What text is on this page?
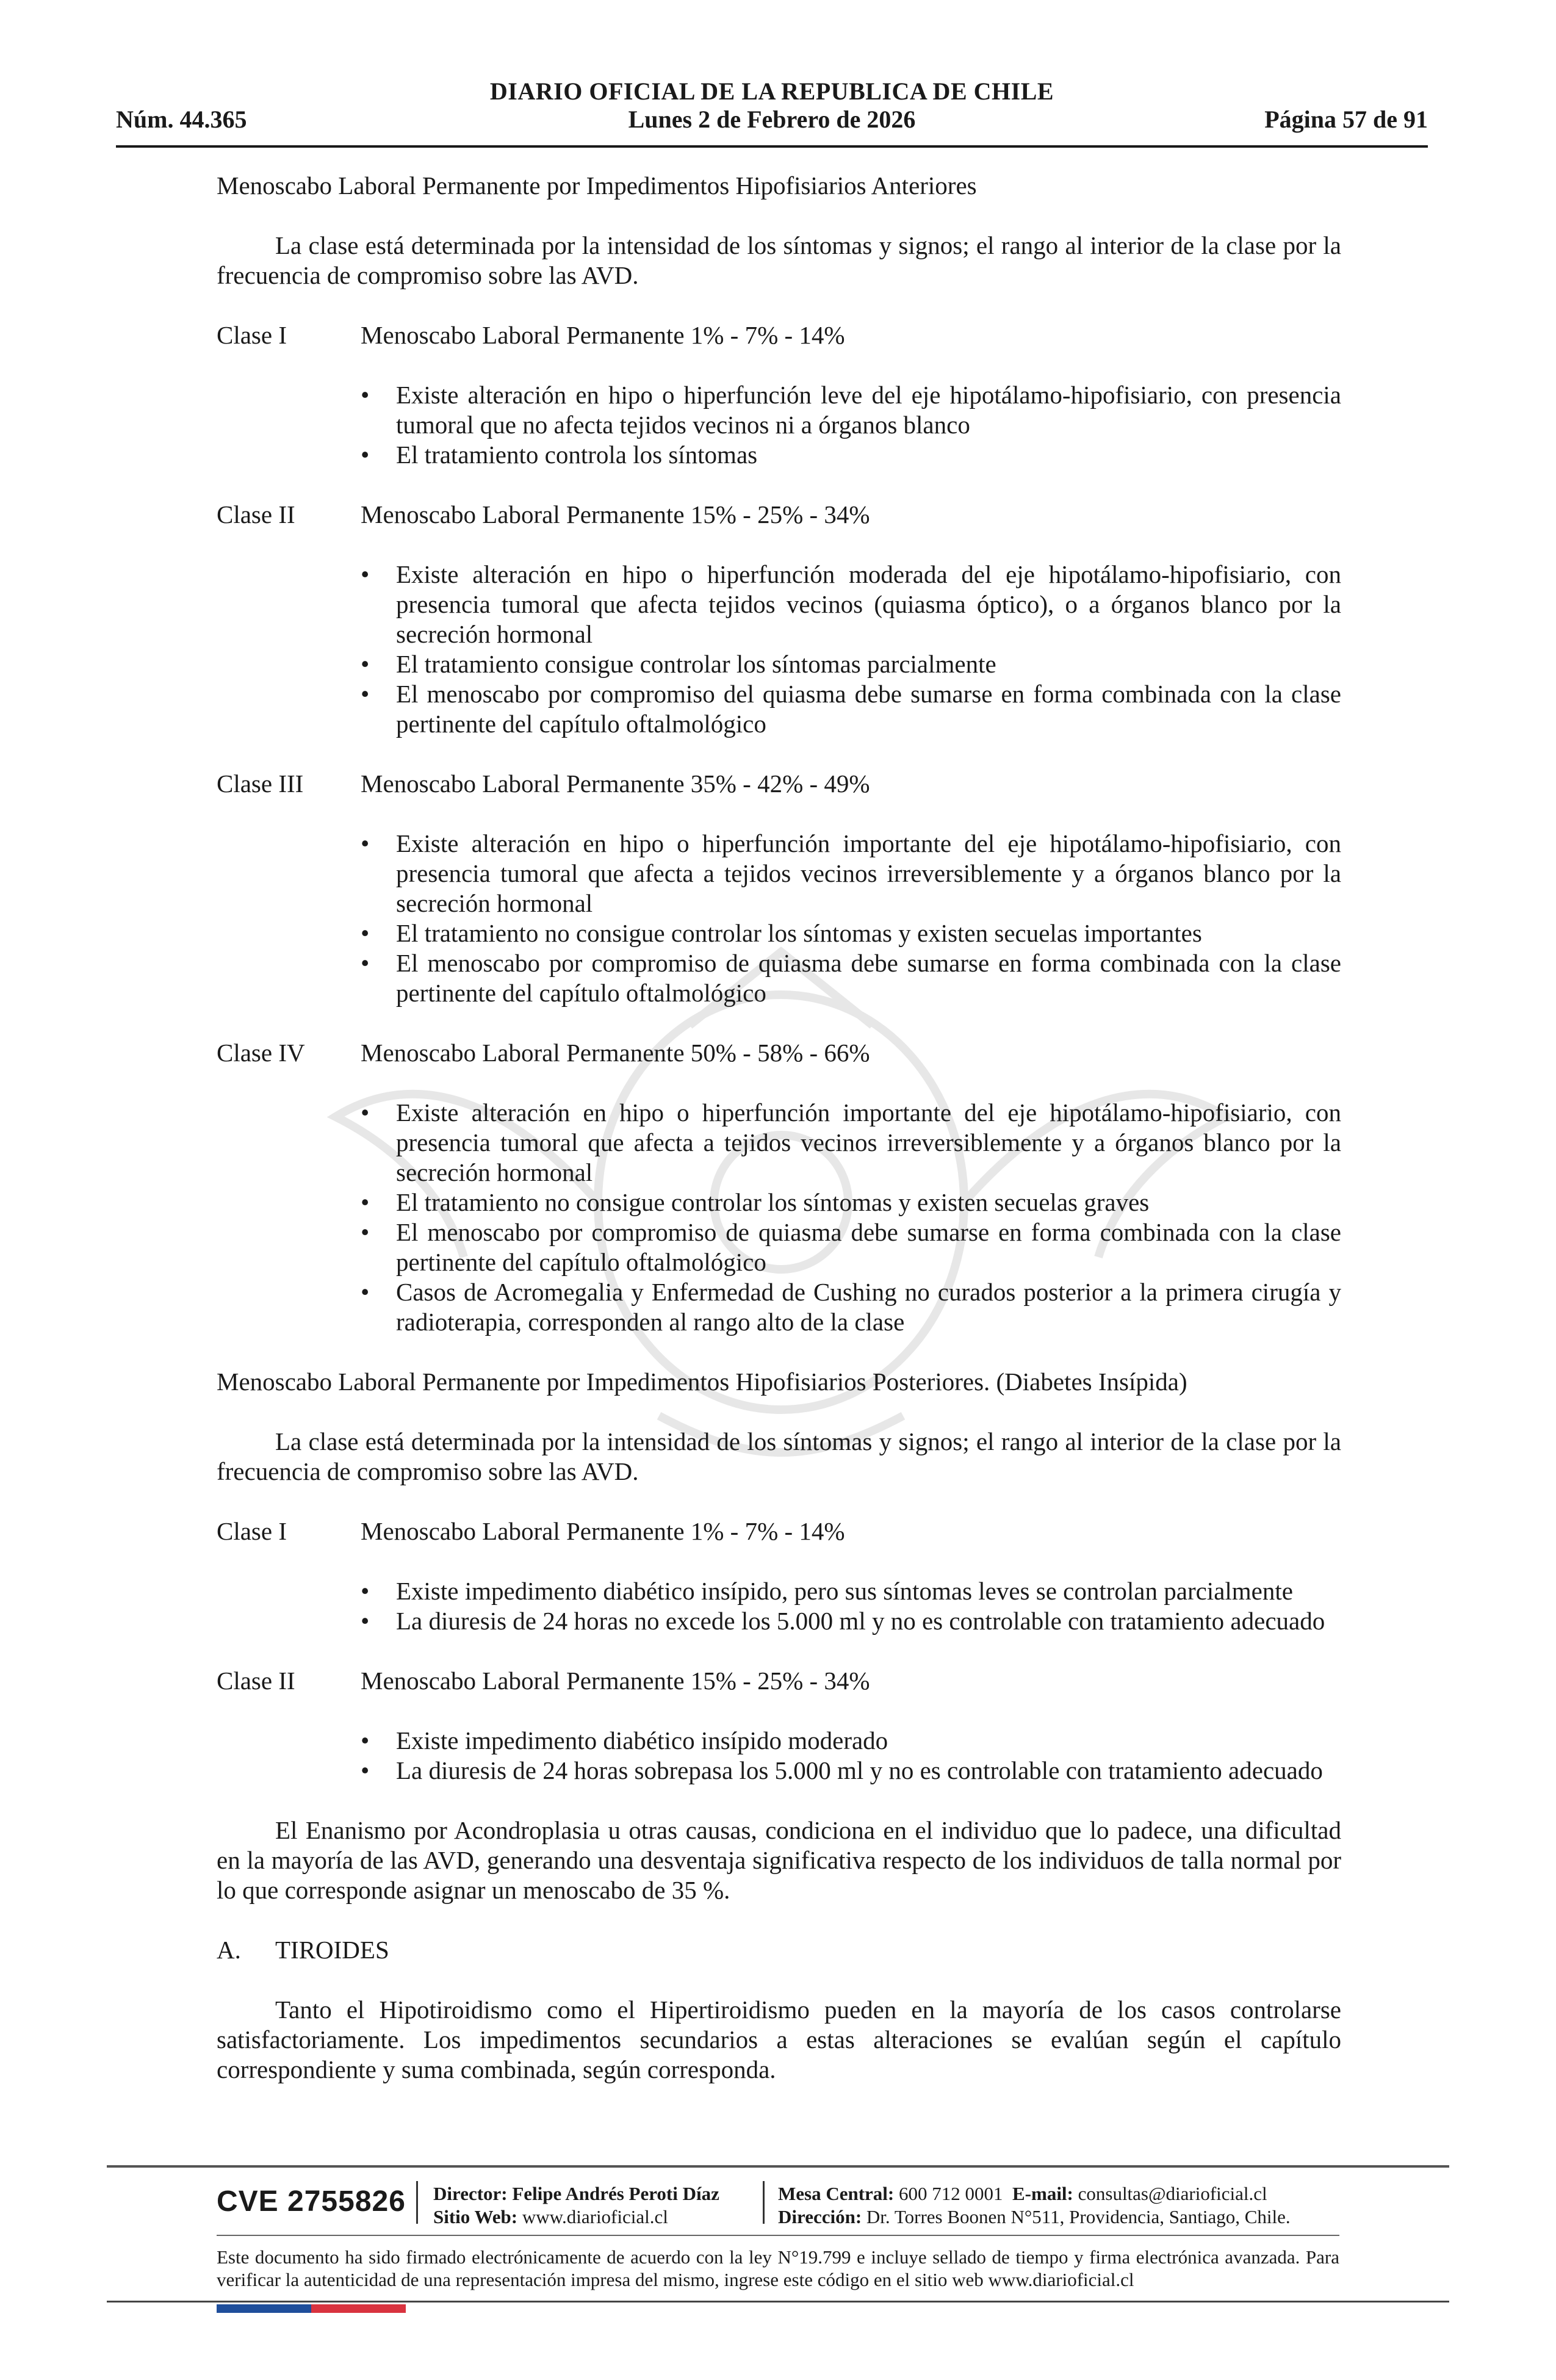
DIARIO OFICIAL DE LA REPUBLICA DE CHILE
Núm. 44.365	Lunes 2 de Febrero de 2026	Página 57 de 91

Menoscabo Laboral Permanente por Impedimentos Hipofisiarios Anteriores

La clase está determinada por la intensidad de los síntomas y signos; el rango al interior de la clase por la frecuencia de compromiso sobre las AVD.

Clase I	Menoscabo Laboral Permanente 1% - 7% - 14%
• Existe alteración en hipo o hiperfunción leve del eje hipotálamo-hipofisiario, con presencia tumoral que no afecta tejidos vecinos ni a órganos blanco
• El tratamiento controla los síntomas
Clase II	Menoscabo Laboral Permanente 15% - 25% - 34%
• Existe alteración en hipo o hiperfunción moderada del eje hipotálamo-hipofisiario, con presencia tumoral que afecta tejidos vecinos (quiasma óptico), o a órganos blanco por la secreción hormonal
• El tratamiento consigue controlar los síntomas parcialmente
• El menoscabo por compromiso del quiasma debe sumarse en forma combinada con la clase pertinente del capítulo oftalmológico
Clase III	Menoscabo Laboral Permanente 35% - 42% - 49%
• Existe alteración en hipo o hiperfunción importante del eje hipotálamo-hipofisiario, con presencia tumoral que afecta a tejidos vecinos irreversiblemente y a órganos blanco por la secreción hormonal
• El tratamiento no consigue controlar los síntomas y existen secuelas importantes
• El menoscabo por compromiso de quiasma debe sumarse en forma combinada con la clase pertinente del capítulo oftalmológico
Clase IV	Menoscabo Laboral Permanente 50% - 58% - 66%
• Existe alteración en hipo o hiperfunción importante del eje hipotálamo-hipofisiario, con presencia tumoral que afecta a tejidos vecinos irreversiblemente y a órganos blanco por la secreción hormonal
• El tratamiento no consigue controlar los síntomas y existen secuelas graves
• El menoscabo por compromiso de quiasma debe sumarse en forma combinada con la clase pertinente del capítulo oftalmológico
• Casos de Acromegalia y Enfermedad de Cushing no curados posterior a la primera cirugía y radioterapia, corresponden al rango alto de la clase

Menoscabo Laboral Permanente por Impedimentos Hipofisiarios Posteriores. (Diabetes Insípida)

La clase está determinada por la intensidad de los síntomas y signos; el rango al interior de la clase por la frecuencia de compromiso sobre las AVD.

Clase I	Menoscabo Laboral Permanente 1% - 7% - 14%
• Existe impedimento diabético insípido, pero sus síntomas leves se controlan parcialmente
• La diuresis de 24 horas no excede los 5.000 ml y no es controlable con tratamiento adecuado
Clase II	Menoscabo Laboral Permanente 15% - 25% - 34%
• Existe impedimento diabético insípido moderado
• La diuresis de 24 horas sobrepasa los 5.000 ml y no es controlable con tratamiento adecuado

El Enanismo por Acondroplasia u otras causas, condiciona en el individuo que lo padece, una dificultad en la mayoría de las AVD, generando una desventaja significativa respecto de los individuos de talla normal por lo que corresponde asignar un menoscabo de 35 %.

A.	TIROIDES

Tanto el Hipotiroidismo como el Hipertiroidismo pueden en la mayoría de los casos controlarse satisfactoriamente. Los impedimentos secundarios a estas alteraciones se evalúan según el capítulo correspondiente y suma combinada, según corresponda.

CVE 2755826 Director: Felipe Andrés Peroti Díaz
Sitio Web: www.diarioficial.cl
Mesa Central: 600 712 0001 E-mail: consultas@diarioficial.cl
Dirección: Dr. Torres Boonen N°511, Providencia, Santiago, Chile.
Este documento ha sido firmado electrónicamente de acuerdo con la ley N°19.799 e incluye sellado de tiempo y firma electrónica avanzada. Para verificar la autenticidad de una representación impresa del mismo, ingrese este código en el sitio web www.diarioficial.cl
